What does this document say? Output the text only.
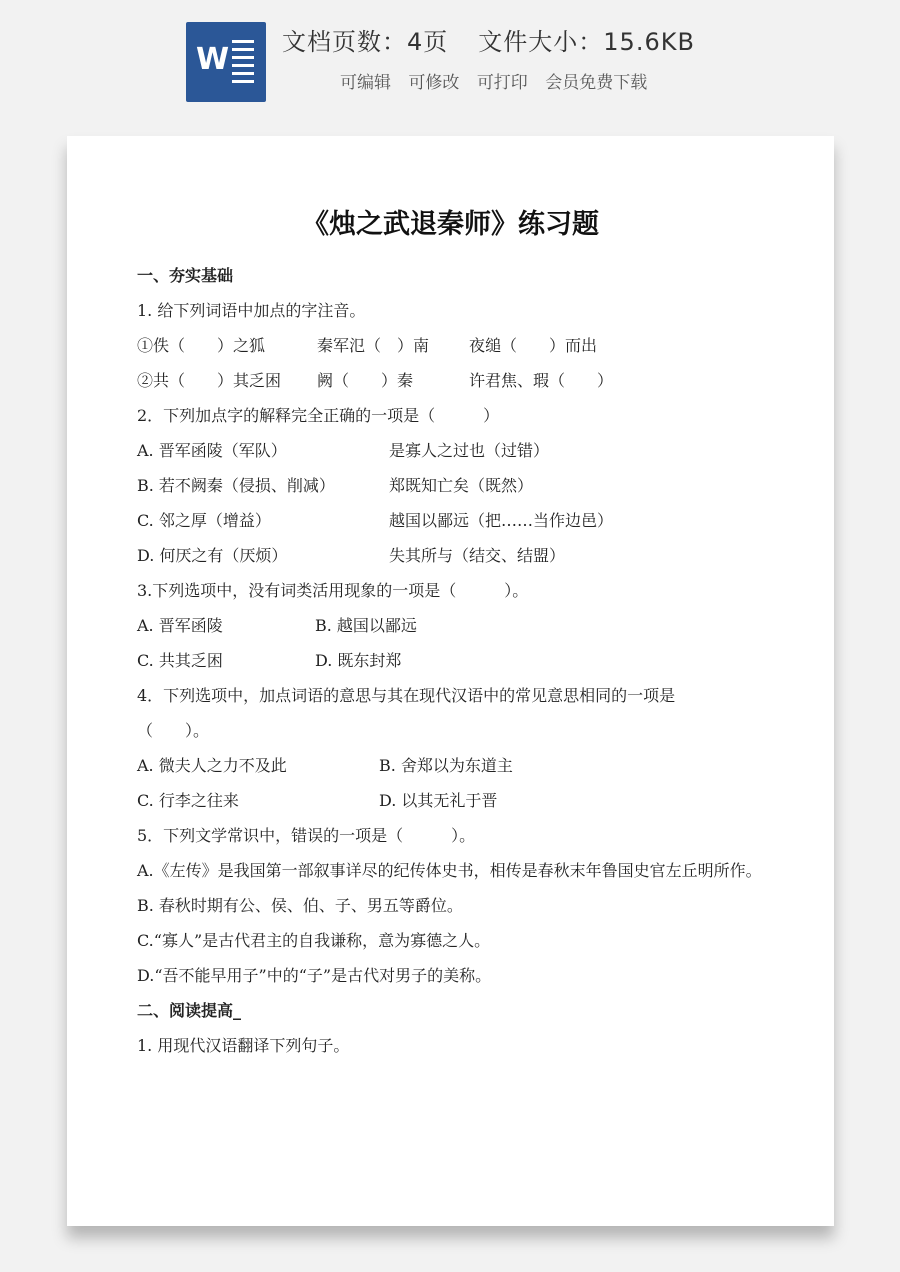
W 文档页数：4页 文件大小：15.6KB
可编辑 可修改 可打印 会员免费下载
《烛之武退秦师》练习题
一、夯实基础
1. 给下列词语中加点的字注音。
①佚（　　）之狐	秦军氾（　）南 夜缒（　　）而出
②共（　　）其乏困 阙（　　）秦	许君焦、瑕（　　）
2．下列加点字的解释完全正确的一项是（　　　）
A. 晋军函陵（军队）	是寡人之过也（过错）
B. 若不阙秦（侵损、削减）	郑既知亡矣（既然）
C. 邻之厚（增益）	越国以鄙远（把……当作边邑）
D. 何厌之有（厌烦）	失其所与（结交、结盟）
3.下列选项中，没有词类活用现象的一项是（　　　）。
A. 晋军函陵	B. 越国以鄙远
C. 共其乏困	D. 既东封郑
4．下列选项中，加点词语的意思与其在现代汉语中的常见意思相同的一项是
（　　）。
A. 微夫人之力不及此	B. 舍郑以为东道主
C. 行李之往来	D. 以其无礼于晋
5．下列文学常识中，错误的一项是（　　　）。
A.《左传》是我国第一部叙事详尽的纪传体史书，相传是春秋末年鲁国史官左丘明所作。
B. 春秋时期有公、侯、伯、子、男五等爵位。
C.“寡人”是古代君主的自我谦称，意为寡德之人。
D.“吾不能早用子”中的“子”是古代对男子的美称。
二、阅读提高_
1. 用现代汉语翻译下列句子。
